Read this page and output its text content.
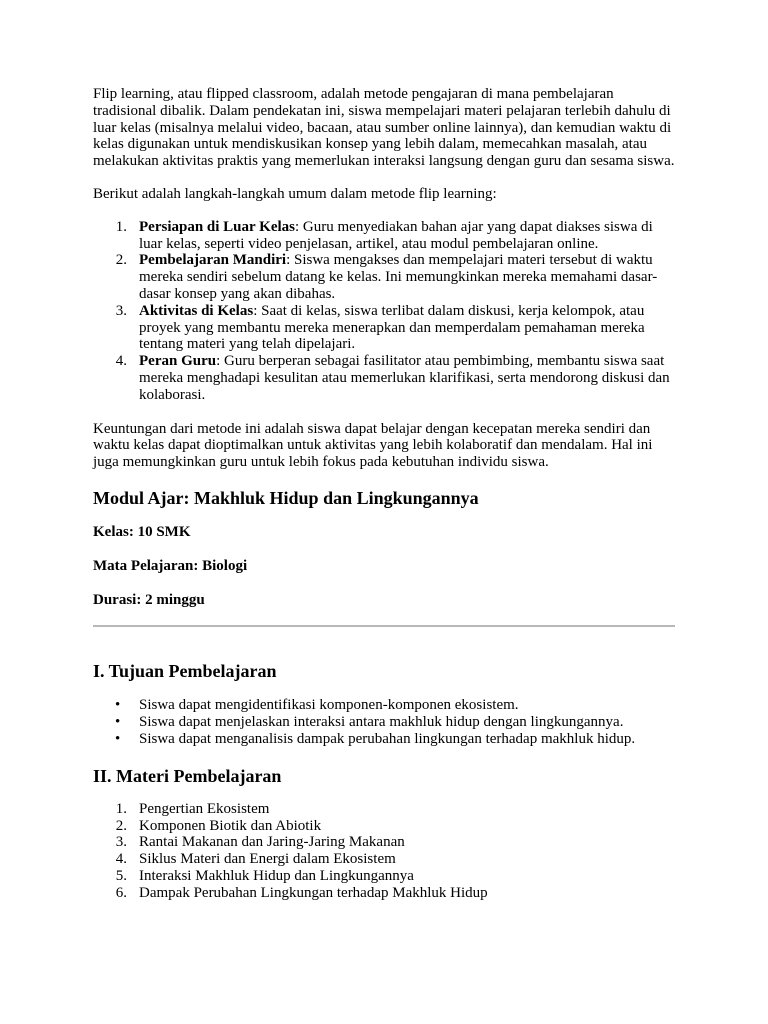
Flip learning, atau flipped classroom, adalah metode pengajaran di mana pembelajaran tradisional dibalik. Dalam pendekatan ini, siswa mempelajari materi pelajaran terlebih dahulu di luar kelas (misalnya melalui video, bacaan, atau sumber online lainnya), dan kemudian waktu di kelas digunakan untuk mendiskusikan konsep yang lebih dalam, memecahkan masalah, atau melakukan aktivitas praktis yang memerlukan interaksi langsung dengan guru dan sesama siswa.

Berikut adalah langkah-langkah umum dalam metode flip learning:

1. Persiapan di Luar Kelas: Guru menyediakan bahan ajar yang dapat diakses siswa di luar kelas, seperti video penjelasan, artikel, atau modul pembelajaran online.
2. Pembelajaran Mandiri: Siswa mengakses dan mempelajari materi tersebut di waktu mereka sendiri sebelum datang ke kelas. Ini memungkinkan mereka memahami dasar-dasar konsep yang akan dibahas.
3. Aktivitas di Kelas: Saat di kelas, siswa terlibat dalam diskusi, kerja kelompok, atau proyek yang membantu mereka menerapkan dan memperdalam pemahaman mereka tentang materi yang telah dipelajari.
4. Peran Guru: Guru berperan sebagai fasilitator atau pembimbing, membantu siswa saat mereka menghadapi kesulitan atau memerlukan klarifikasi, serta mendorong diskusi dan kolaborasi.

Keuntungan dari metode ini adalah siswa dapat belajar dengan kecepatan mereka sendiri dan waktu kelas dapat dioptimalkan untuk aktivitas yang lebih kolaboratif dan mendalam. Hal ini juga memungkinkan guru untuk lebih fokus pada kebutuhan individu siswa.

Modul Ajar: Makhluk Hidup dan Lingkungannya

Kelas: 10 SMK

Mata Pelajaran: Biologi

Durasi: 2 minggu

I. Tujuan Pembelajaran
• Siswa dapat mengidentifikasi komponen-komponen ekosistem.
• Siswa dapat menjelaskan interaksi antara makhluk hidup dengan lingkungannya.
• Siswa dapat menganalisis dampak perubahan lingkungan terhadap makhluk hidup.
II. Materi Pembelajaran
1. Pengertian Ekosistem
2. Komponen Biotik dan Abiotik
3. Rantai Makanan dan Jaring-Jaring Makanan
4. Siklus Materi dan Energi dalam Ekosistem
5. Interaksi Makhluk Hidup dan Lingkungannya
6. Dampak Perubahan Lingkungan terhadap Makhluk Hidup
